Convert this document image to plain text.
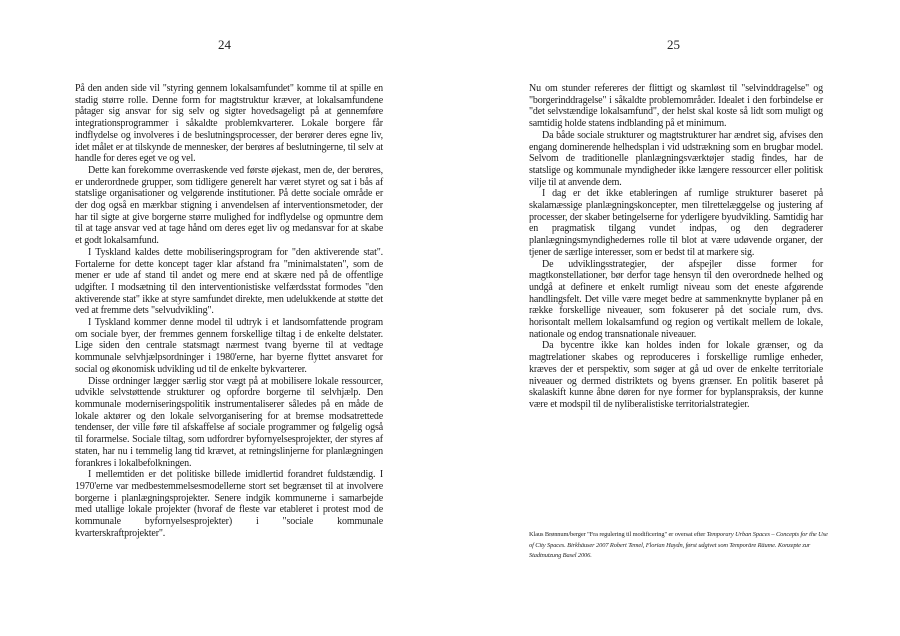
24

På den anden side vil "styring gennem lokalsamfundet" komme til at spille en stadig større rolle. Denne form for magtstruktur kræver, at lokalsamfundene påtager sig ansvar for sig selv og sigter hovedsageligt på at gennemføre integrationsprogrammer i såkaldte problemkvarterer. Lokale borgere får indflydelse og involveres i de beslutningsprocesser, der berører deres egne liv, idet målet er at tilskynde de mennesker, der berøres af beslutningerne, til selv at handle for deres eget ve og vel.

Dette kan forekomme overraskende ved første øjekast, men de, der berøres, er underordnede grupper, som tidligere generelt har været styret og sat i bås af statslige organisationer og velgørende institutioner. På dette sociale område er der dog også en mærkbar stigning i anvendelsen af interventionsmetoder, der har til sigte at give borgerne større mulighed for indflydelse og opmuntre dem til at tage ansvar ved at tage hånd om deres eget liv og medansvar for at skabe et godt lokalsamfund.

I Tyskland kaldes dette mobiliseringsprogram for "den aktiverende stat". Fortalerne for dette koncept tager klar afstand fra "minimalstaten", som de mener er ude af stand til andet og mere end at skære ned på de offentlige udgifter. I modsætning til den interventionistiske velfærdsstat formodes "den aktiverende stat" ikke at styre samfundet direkte, men udelukkende at støtte det ved at fremme dets "selvudvikling".

I Tyskland kommer denne model til udtryk i et landsomfattende program om sociale byer, der fremmes gennem forskellige tiltag i de enkelte delstater. Lige siden den centrale statsmagt nærmest tvang byerne til at vedtage kommunale selvhjælpsordninger i 1980'erne, har byerne flyttet ansvaret for social og økonomisk udvikling ud til de enkelte bykvarterer.

Disse ordninger lægger særlig stor vægt på at mobilisere lokale ressourcer, udvikle selvstøttende strukturer og opfordre borgerne til selvhjælp. Den kommunale moderniseringspolitik instrumentaliserer således på en måde de lokale aktører og den lokale selvorganisering for at bremse modsatrettede tendenser, der ville føre til afskaffelse af sociale programmer og følgelig også til forarmelse. Sociale tiltag, som udfordrer byfornyelsesprojekter, der styres af staten, har nu i temmelig lang tid krævet, at retningslinjerne for planlægningen forankres i lokalbefolkningen.

I mellemtiden er det politiske billede imidlertid forandret fuldstændig. I 1970'erne var medbestemmelsesmodellerne stort set begrænset til at involvere borgerne i planlægningsprojekter. Senere indgik kommunerne i samarbejde med utallige lokale projekter (hvoraf de fleste var etableret i protest mod de kommunale byfornyelsesprojekter) i "sociale kommunale kvarterskraftprojekter".

25

Nu om stunder refereres der flittigt og skamløst til "selvinddragelse" og "borgerinddragelse" i såkaldte problemområder. Idealet i den forbindelse er "det selvstændige lokalsamfund", der helst skal koste så lidt som muligt og samtidig holde statens indblanding på et minimum.

Da både sociale strukturer og magtstrukturer har ændret sig, afvises den engang dominerende helhedsplan i vid udstrækning som en brugbar model. Selvom de traditionelle planlægningsværktøjer stadig findes, har de statslige og kommunale myndigheder ikke længere ressourcer eller politisk vilje til at anvende dem.

I dag er det ikke etableringen af rumlige strukturer baseret på skalamæssige planlægningskoncepter, men tilrettelæggelse og justering af processer, der skaber betingelserne for yderligere byudvikling. Samtidig har en pragmatisk tilgang vundet indpas, og den degraderer planlægningsmyndighedernes rolle til blot at være udøvende organer, der tjener de særlige interesser, som er bedst til at markere sig.

De udviklingsstrategier, der afspejler disse former for magtkonstellationer, bør derfor tage hensyn til den overordnede helhed og undgå at definere et enkelt rumligt niveau som det eneste afgørende handlingsfelt. Det ville være meget bedre at sammenknytte byplaner på en række forskellige niveauer, som fokuserer på det sociale rum, dvs. horisontalt mellem lokalsamfund og region og vertikalt mellem de lokale, nationale og endog transnationale niveauer.

Da bycentre ikke kan holdes inden for lokale grænser, og da magtrelationer skabes og reproduceres i forskellige rumlige enheder, kræves der et perspektiv, som søger at gå ud over de enkelte territoriale niveauer og dermed distriktets og byens grænser. En politik baseret på skalaskift kunne åbne døren for nye former for byplanspraksis, der kunne være et modspil til de nyliberalistiske territorialstrategier.

Klaus Brønnum/berger "Fra regulering til modificering" er oversat efter Temporary Urban Spaces – Concepts for the Use of City Spaces. Birkhäuser 2007 Robert Temel, Florian Haydn, først udgivet som Temporäre Räume. Konzepte zur Stadtnutzung Basel 2006.
